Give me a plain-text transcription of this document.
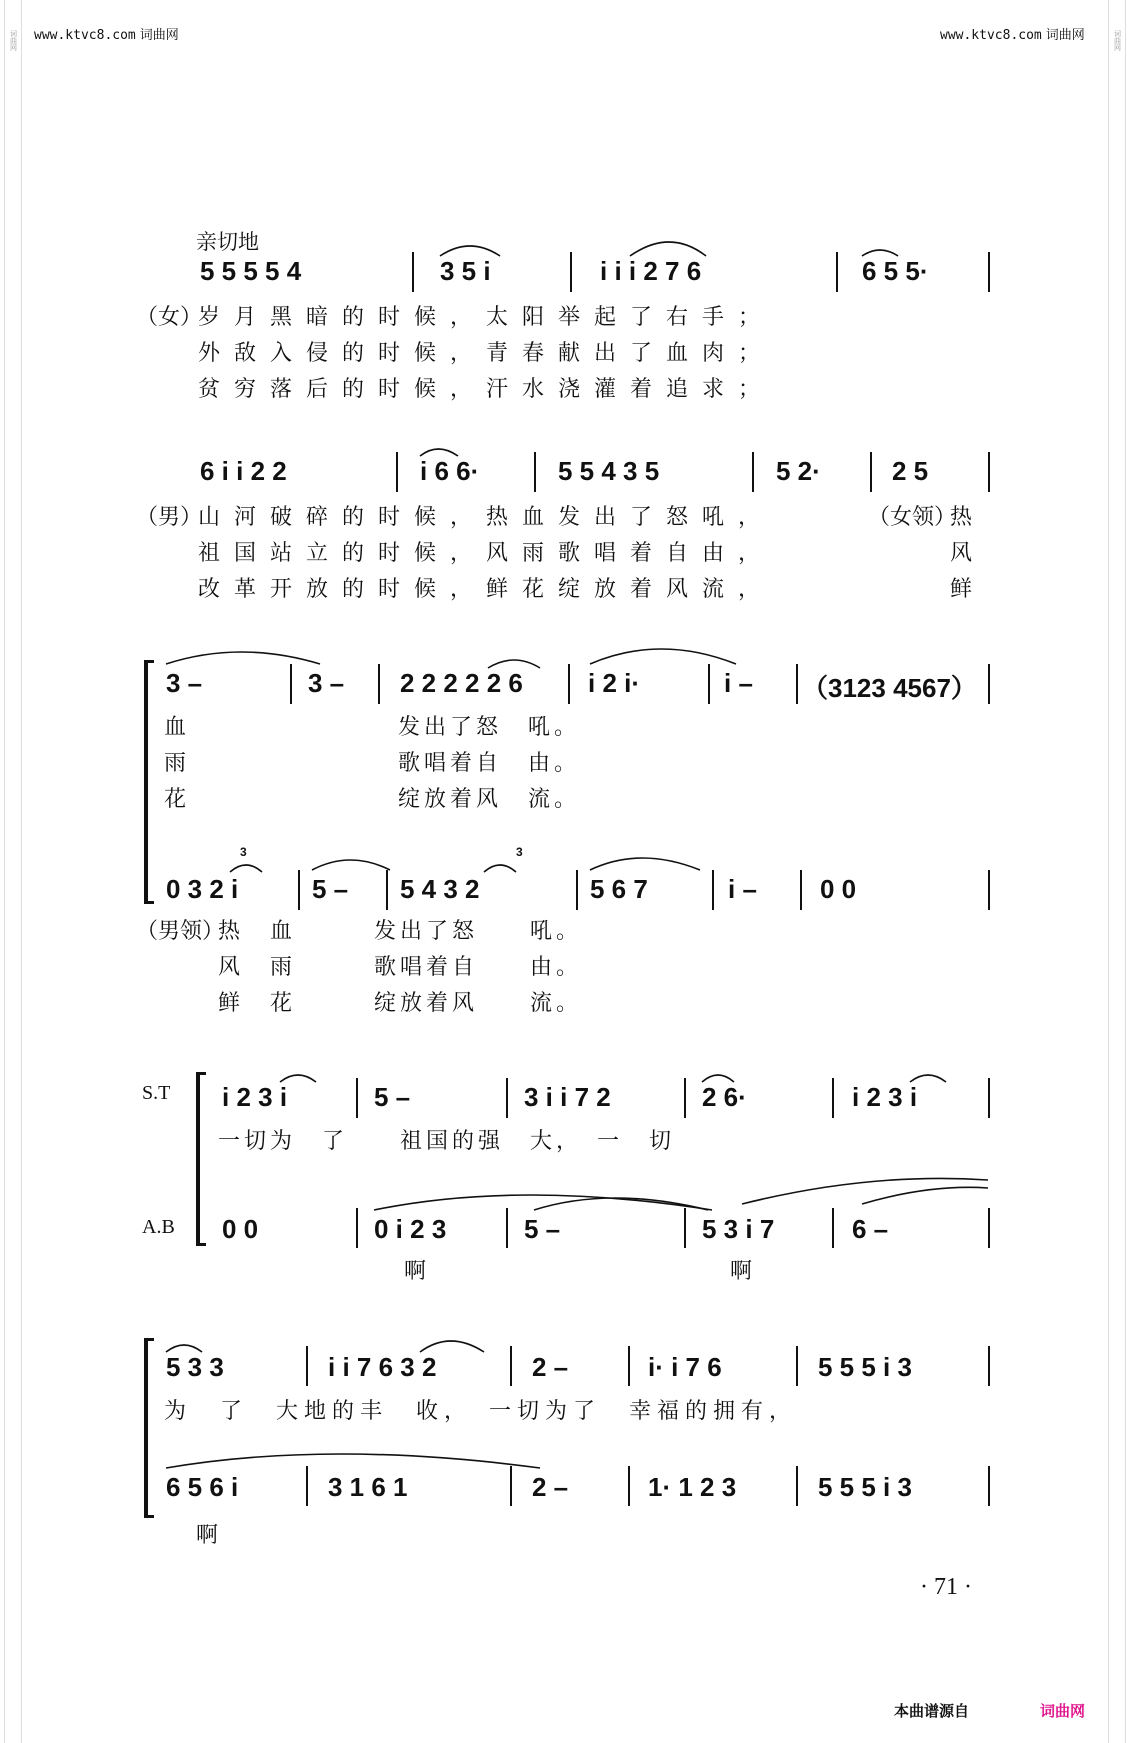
词曲网	词曲网
www.ktvc8.com 词曲网	www.ktvc8.com 词曲网
亲切地
5 5 5 5 4	3 5 i	i i i 2 7 6	6 5 5·
（女）
岁月黑暗的时候，太阳举起了右手；
外敌入侵的时候，青春献出了血肉；
贫穷落后的时候，汗水浇灌着追求；
6 i i 2 2	i 6 6·	5 5 4 3 5	5 2·	2 5
（男）
山河破碎的时候，热血发出了怒吼，
祖国站立的时候，风雨歌唱着自由，
改革开放的时候，鲜花绽放着风流，
（女领）
热
风
鲜
3 –	3 – 2 2 2 2 2 6	i 2 i·	i – （3123 4567）
血	发出了怒　吼。
雨	歌唱着自　由。
花	绽放着风　流。
0 3 2 i	5 – 5 4 3 2	5 6 7	i – 0 0
（男领）
热　血　　　发出了怒　　吼。
风　雨　　　歌唱着自　　由。
鲜　花　　　绽放着风　　流。
S.T
A.B
i 2 3 i	5 –	3 i i 7 2	2 6·	i 2 3 i
一切为　了　　祖国的强　大，　一　切
0 0	0 i 2 3	5 –	5 3 i 7	6 –
啊	啊
5 3 3	i i 7 6 3 2	2 –	i· i 7 6	5 5 5 i 3
为　了　大地的丰　收，　一切为了　幸福的拥有，
6 5 6 i	3 1 6 1	2 –	1· 1 2 3	5 5 5 i 3
啊
3	3
· 71 ·
本曲谱源自	词曲网
